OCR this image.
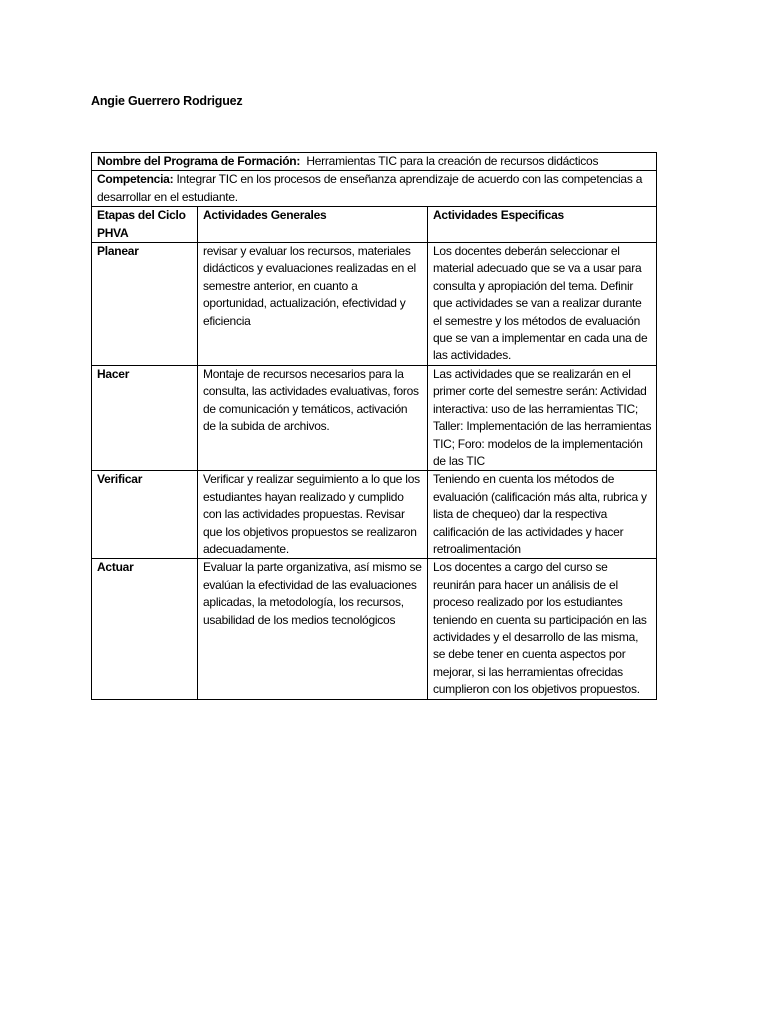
Angie Guerrero Rodriguez
Nombre del Programa de Formación: Herramientas TIC para la creación de recursos didácticos		
Competencia: Integrar TIC en los procesos de enseñanza aprendizaje de acuerdo con las competencias a desarrollar en el estudiante.		
Etapas del Ciclo PHVA	Actividades Generales	Actividades Especificas
Planear	revisar y evaluar los recursos, materiales didácticos y evaluaciones realizadas en el semestre anterior, en cuanto a oportunidad, actualización, efectividad y eficiencia	Los docentes deberán seleccionar el material adecuado que se va a usar para consulta y apropiación del tema. Definir que actividades se van a realizar durante el semestre y los métodos de evaluación que se van a implementar en cada una de las actividades.
Hacer	Montaje de recursos necesarios para la consulta, las actividades evaluativas, foros de comunicación y temáticos, activación de la subida de archivos.	Las actividades que se realizarán en el primer corte del semestre serán: Actividad interactiva: uso de las herramientas TIC; Taller: Implementación de las herramientas TIC; Foro: modelos de la implementación de las TIC
Verificar	Verificar y realizar seguimiento a lo que los estudiantes hayan realizado y cumplido con las actividades propuestas. Revisar que los objetivos propuestos se realizaron adecuadamente.	Teniendo en cuenta los métodos de evaluación (calificación más alta, rubrica y lista de chequeo) dar la respectiva calificación de las actividades y hacer retroalimentación
Actuar	Evaluar la parte organizativa, así mismo se evalúan la efectividad de las evaluaciones aplicadas, la metodología, los recursos, usabilidad de los medios tecnológicos	Los docentes a cargo del curso se reunirán para hacer un análisis de el proceso realizado por los estudiantes teniendo en cuenta su participación en las actividades y el desarrollo de las misma, se debe tener en cuenta aspectos por mejorar, si las herramientas ofrecidas cumplieron con los objetivos propuestos.
